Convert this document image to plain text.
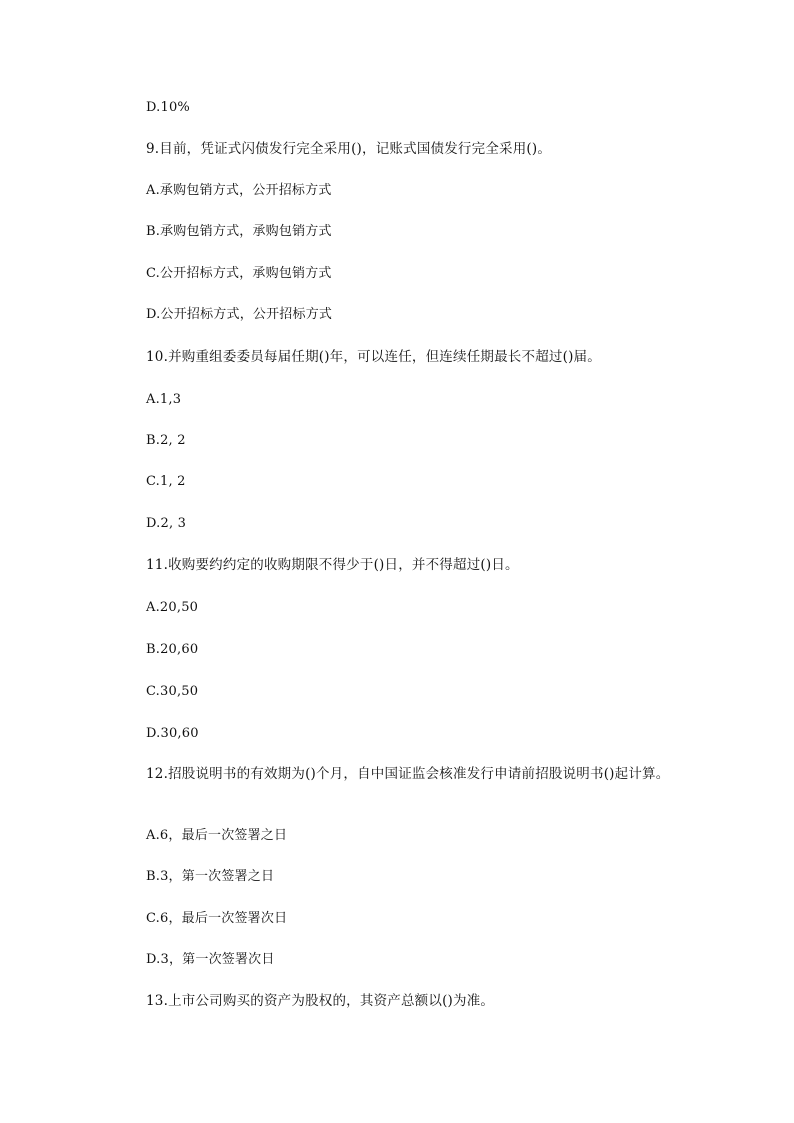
D.10%

9.目前，凭证式闪债发行完全采用()，记账式国债发行完全采用()。

A.承购包销方式，公开招标方式

B.承购包销方式，承购包销方式

C.公开招标方式，承购包销方式

D.公开招标方式，公开招标方式

10.并购重组委委员每届任期()年，可以连任，但连续任期最长不超过()届。

A.1,3

B.2, 2

C.1, 2

D.2, 3

11.收购要约约定的收购期限不得少于()日，并不得超过()日。

A.20,50

B.20,60

C.30,50

D.30,60

12.招股说明书的有效期为()个月，自中国证监会核准发行申请前招股说明书()起计算。

A.6，最后一次签署之日

B.3，第一次签署之日

C.6，最后一次签署次日

D.3，第一次签署次日

13.上市公司购买的资产为股权的，其资产总额以()为准。
